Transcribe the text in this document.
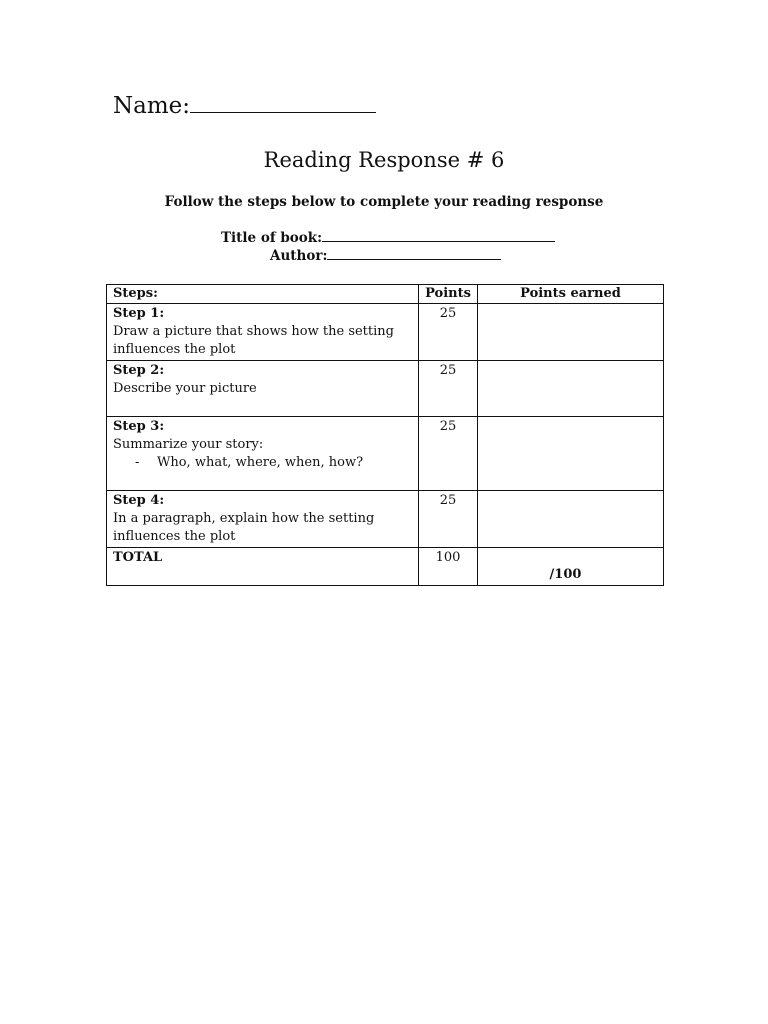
Name:
Reading Response # 6
Follow the steps below to complete your reading response
Title of book:
Author:
Steps:	Points	Points earned

Step 1:
Draw a picture that shows how the setting influences the plot	25	

Step 2:
Describe your picture	25	

Step 3:
Summarize your story:
- Who, what, where, when, how?	25	

Step 4:
In a paragraph, explain how the setting influences the plot	25	

TOTAL	100	/100
